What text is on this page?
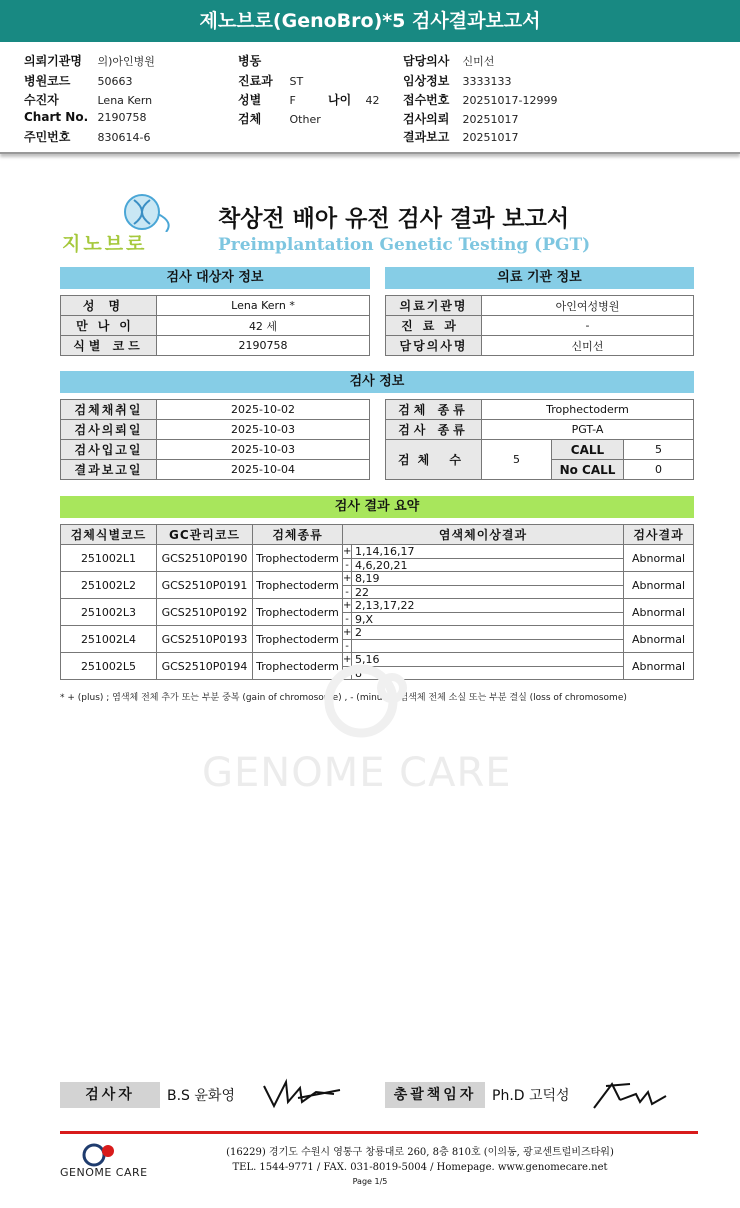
제노브로(GenoBro)*5 검사결과보고서
의뢰기관명 의)아인병원
병원코드 50663
수진자	Lena Kern
Chart No. 2190758
주민번호 830614-6
병동
진료과 ST
성별	F	나이 42
검체	Other
담당의사 신미선
임상정보 3333133
접수번호 20251017-12999
검사의뢰 20251017
결과보고 20251017
지노브로
착상전 배아 유전 검사 결과 보고서
Preimplantation Genetic Testing (PGT)
검사 대상자 정보	의료 기관 정보
성명	Lena Kern *
만나이	42 세
식별 코드	2190758
의료기관명	아인여성병원
진료과	-
담당의사명	신미선
검사 정보
검체채취일	2025-10-02
검사의뢰일	2025-10-03
검사입고일	2025-10-03
결과보고일	2025-10-04
검체 종류	Trophectoderm		
검사 종류	PGT-A		
검체 수	5	CALL	5
		No CALL	0
검사 결과 요약
검체식별코드	GC관리코드	검체종류	염색체이상결과	검사결과
251002L1	GCS2510P0190	Trophectoderm	+ 1,14,16,17
- 4,6,20,21	Abnormal
251002L2	GCS2510P0191	Trophectoderm	+ 8,19
- 22	Abnormal
251002L3	GCS2510P0192	Trophectoderm	+ 2,13,17,22
- 9,X	Abnormal
251002L4	GCS2510P0193	Trophectoderm	+ 2
-	Abnormal
251002L5	GCS2510P0194	Trophectoderm	+ 5,16
- 8	Abnormal
* + (plus) ; 염색체 전체 추가 또는 부분 중복 (gain of chromosome) , - (minus) ; 염색체 전체 소실 또는 부분 결실 (loss of chromosome)
GENOME CARE
검사자	B.S 윤화영	총괄책임자	Ph.D 고덕성
GENOME CARE
(16229) 경기도 수원시 영통구 창룡대로 260, 8층 810호 (이의동, 광교센트럴비즈타워)
TEL. 1544-9771 / FAX. 031-8019-5004 / Homepage. www.genomecare.net
Page 1/5
